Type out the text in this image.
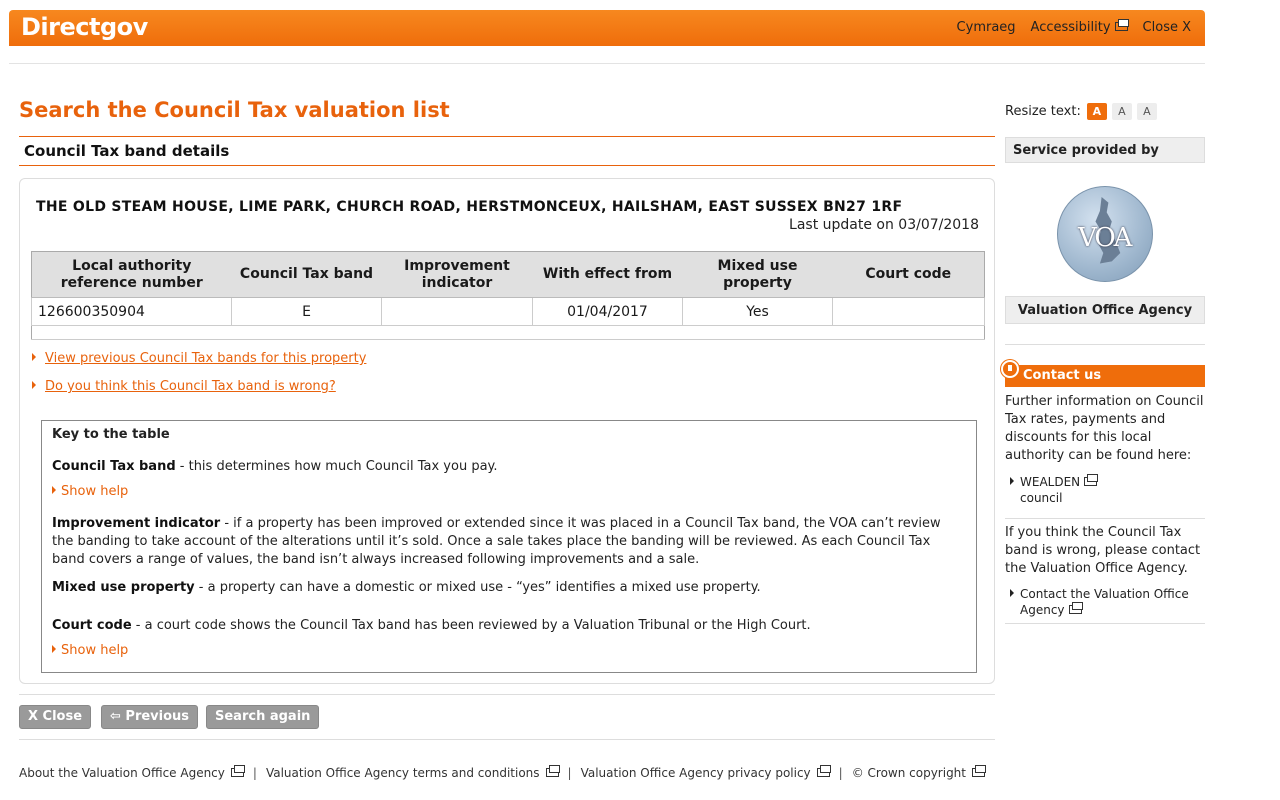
Directgov	Cymraeg Accessibility	Close X
Search the Council Tax valuation list
Council Tax band details
THE OLD STEAM HOUSE, LIME PARK, CHURCH ROAD, HERSTMONCEUX, HAILSHAM, EAST SUSSEX BN27 1RF
Last update on 03/07/2018
Local authority reference number	Council Tax band	Improvement indicator	With effect from	Mixed use property	Court code
126600350904	E		01/04/2017	Yes	

View previous Council Tax bands for this property
Do you think this Council Tax band is wrong?
Key to the table
Council Tax band - this determines how much Council Tax you pay.
Show help
Improvement indicator - if a property has been improved or extended since it was placed in a Council Tax band, the VOA can’t review the banding to take account of the alterations until it’s sold. Once a sale takes place the banding will be reviewed. As each Council Tax band covers a range of values, the band isn’t always increased following improvements and a sale.
Mixed use property - a property can have a domestic or mixed use - “yes” identifies a mixed use property.
Court code - a court code shows the Council Tax band has been reviewed by a Valuation Tribunal or the High Court.
Show help
X Close	⇦ Previous	Search again
About the Valuation Office Agency	| Valuation Office Agency terms and conditions	| Valuation Office Agency privacy policy	| © Crown copyright
Resize text:	A	A	A
Service provided by
VOA
Valuation Office Agency
Contact us
Further information on Council Tax rates, payments and discounts for this local authority can be found here:
WEALDEN
council
If you think the Council Tax band is wrong, please contact the Valuation Office Agency.
Contact the Valuation Office
Agency
